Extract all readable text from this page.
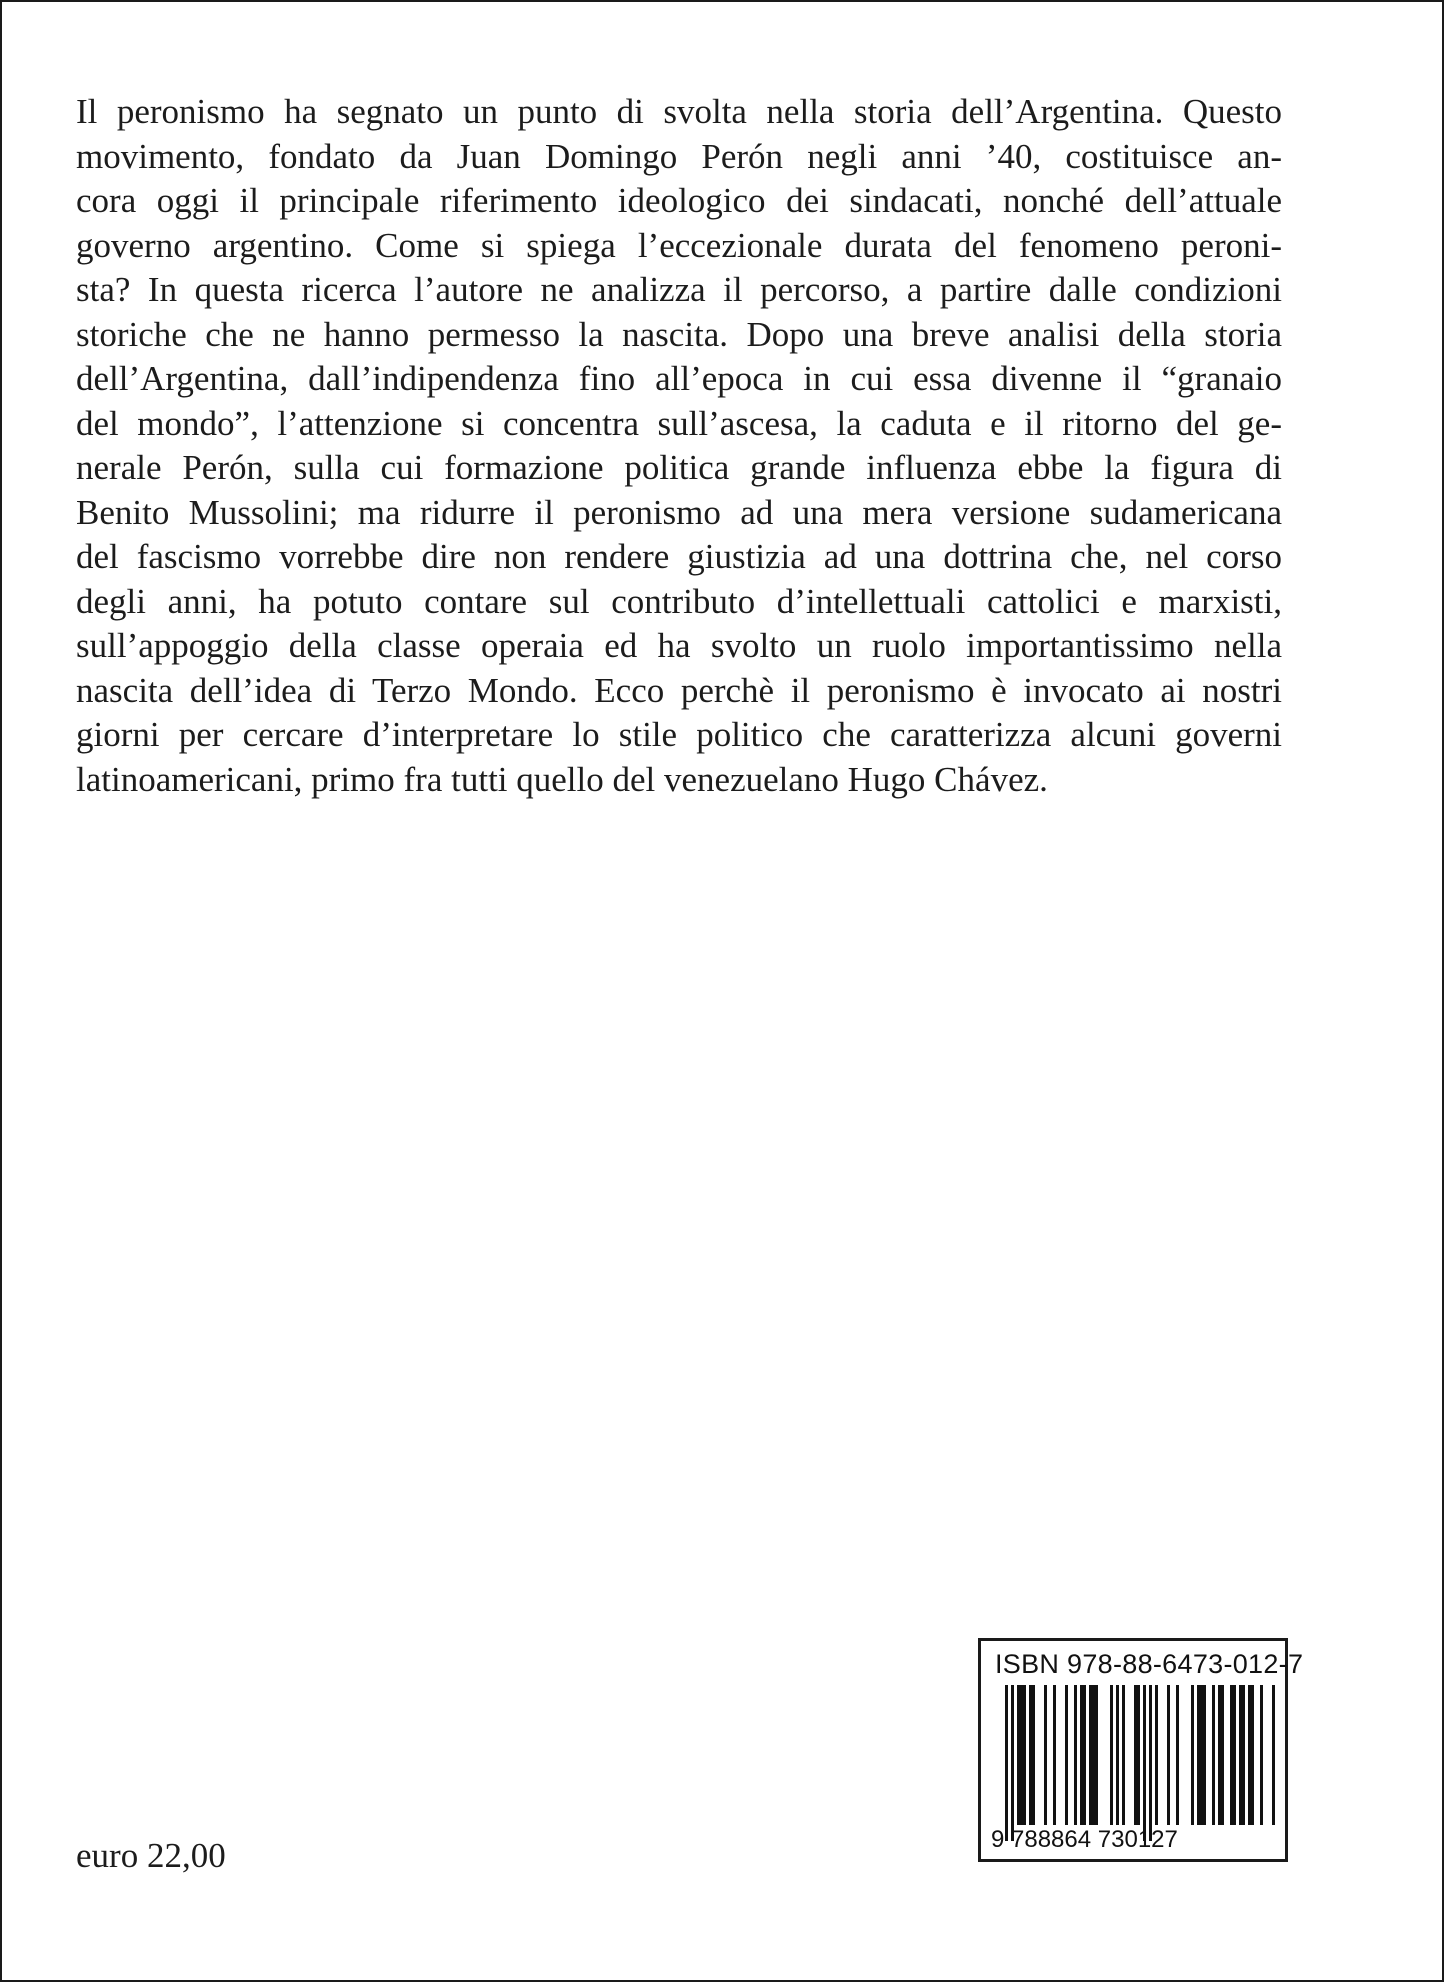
Il peronismo ha segnato un punto di svolta nella storia dell’Argentina. Questo
movimento, fondato da Juan Domingo Perón negli anni ’40, costituisce an-
cora oggi il principale riferimento ideologico dei sindacati, nonché dell’attuale
governo argentino. Come si spiega l’eccezionale durata del fenomeno peroni-
sta? In questa ricerca l’autore ne analizza il percorso, a partire dalle condizioni
storiche che ne hanno permesso la nascita. Dopo una breve analisi della storia
dell’Argentina, dall’indipendenza fino all’epoca in cui essa divenne il “granaio
del mondo”, l’attenzione si concentra sull’ascesa, la caduta e il ritorno del ge-
nerale Perón, sulla cui formazione politica grande influenza ebbe la figura di
Benito Mussolini; ma ridurre il peronismo ad una mera versione sudamericana
del fascismo vorrebbe dire non rendere giustizia ad una dottrina che, nel corso
degli anni, ha potuto contare sul contributo d’intellettuali cattolici e marxisti,
sull’appoggio della classe operaia ed ha svolto un ruolo importantissimo nella
nascita dell’idea di Terzo Mondo. Ecco perchè il peronismo è invocato ai nostri
giorni per cercare d’interpretare lo stile politico che caratterizza alcuni governi
latinoamericani, primo fra tutti quello del venezuelano Hugo Chávez.
euro 22,00
ISBN 978-88-6473-012-7
9 788864 730127
